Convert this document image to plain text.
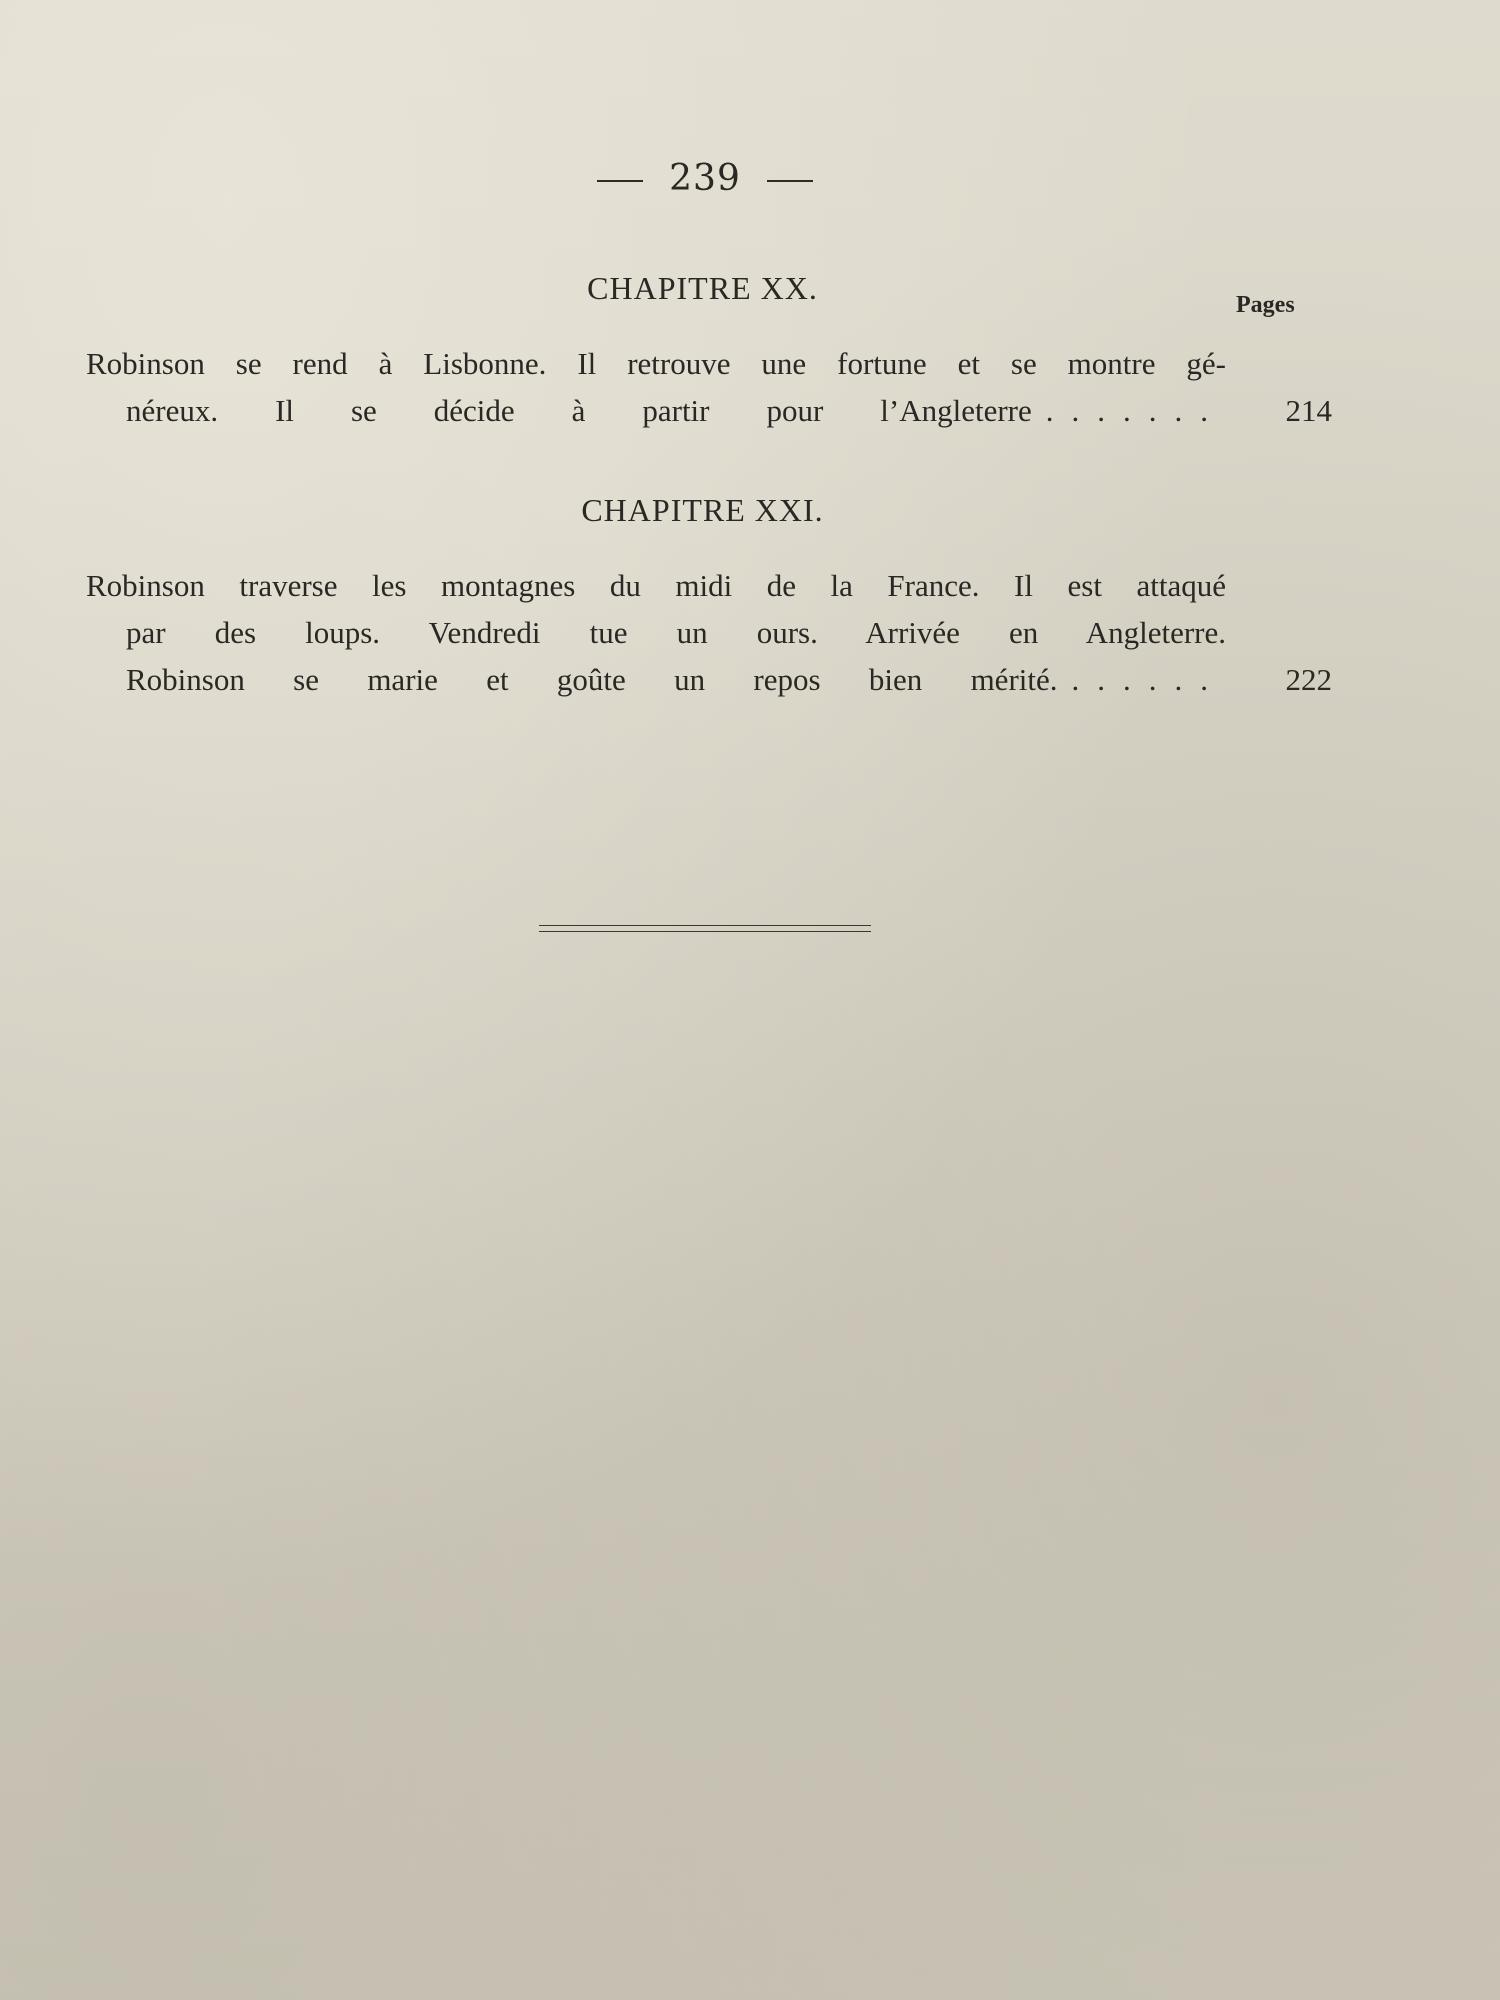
239
Pages
CHAPITRE XX.
Robinson se rend à Lisbonne. Il retrouve une fortune et se montre gé-
néreux. Il se décide à partir pour l’Angleterre .......	214
CHAPITRE XXI.
Robinson traverse les montagnes du midi de la France. Il est attaqué
par des loups. Vendredi tue un ours. Arrivée en Angleterre.
Robinson se marie et goûte un repos bien mérité. ......	222
